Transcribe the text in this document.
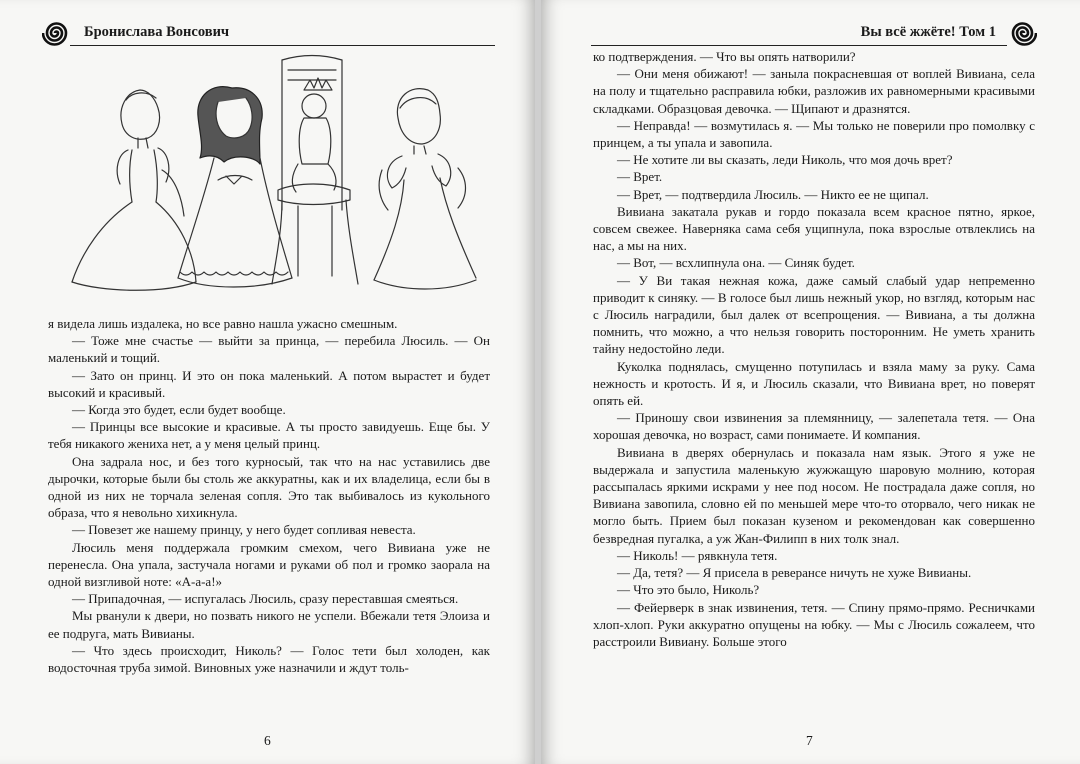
Бронислава Вонсович

я видела лишь издалека, но все равно нашла ужасно смешным.

— Тоже мне счастье — выйти за принца, — перебила Люсиль. — Он маленький и тощий.

— Зато он принц. И это он пока маленький. А потом вырастет и будет высокий и красивый.

— Когда это будет, если будет вообще.

— Принцы все высокие и красивые. А ты просто завидуешь. Еще бы. У тебя никакого жениха нет, а у меня целый принц.

Она задрала нос, и без того курносый, так что на нас уставились две дырочки, которые были бы столь же аккуратны, как и их владелица, если бы в одной из них не торчала зеленая сопля. Это так выбивалось из кукольного образа, что я невольно хихикнула.

— Повезет же нашему принцу, у него будет сопливая невеста.

Люсиль меня поддержала громким смехом, чего Вивиана уже не перенесла. Она упала, застучала ногами и руками об пол и громко заорала на одной визгливой ноте: «А-а-а!»

— Припадочная, — испугалась Люсиль, сразу переставшая смеяться.

Мы рванули к двери, но позвать никого не успели. Вбежали тетя Элоиза и ее подруга, мать Вивианы.

— Что здесь происходит, Николь? — Голос тети был холоден, как водосточная труба зимой. Виновных уже назначили и ждут толь-

6
Вы всё жжёте! Том 1

ко подтверждения. — Что вы опять натворили?

— Они меня обижают! — заныла покрасневшая от воплей Вивиана, села на полу и тщательно расправила юбки, разложив их равномерными красивыми складками. Образцовая девочка. — Щипают и дразнятся.

— Неправда! — возмутилась я. — Мы только не поверили про помолвку с принцем, а ты упала и завопила.

— Не хотите ли вы сказать, леди Николь, что моя дочь врет?

— Врет.

— Врет, — подтвердила Люсиль. — Никто ее не щипал.

Вивиана закатала рукав и гордо показала всем красное пятно, яркое, совсем свежее. Наверняка сама себя ущипнула, пока взрослые отвлеклись на нас, а мы на них.

— Вот, — всхлипнула она. — Синяк будет.

— У Ви такая нежная кожа, даже самый слабый удар непременно приводит к синяку. — В голосе был лишь нежный укор, но взгляд, которым нас с Люсиль наградили, был далек от всепрощения. — Вивиана, а ты должна помнить, что можно, а что нельзя говорить посторонним. Не уметь хранить тайну недостойно леди.

Куколка поднялась, смущенно потупилась и взяла маму за руку. Сама нежность и кротость. И я, и Люсиль сказали, что Вивиана врет, но поверят опять ей.

— Приношу свои извинения за племянницу, — залепетала тетя. — Она хорошая девочка, но возраст, сами понимаете. И компания.

Вивиана в дверях обернулась и показала нам язык. Этого я уже не выдержала и запустила маленькую жужжащую шаровую молнию, которая рассыпалась яркими искрами у нее под носом. Не пострадала даже сопля, но Вивиана завопила, словно ей по меньшей мере что-то оторвало, чего никак не могло быть. Прием был показан кузеном и рекомендован как совершенно безвредная пугалка, а уж Жан-Филипп в них толк знал.

— Николь! — рявкнула тетя.

— Да, тетя? — Я присела в реверансе ничуть не хуже Вивианы.

— Что это было, Николь?

— Фейерверк в знак извинения, тетя. — Спину прямо-прямо. Ресничками хлоп-хлоп. Руки аккуратно опущены на юбку. — Мы с Люсиль сожалеем, что расстроили Вивиану. Больше этого

7
